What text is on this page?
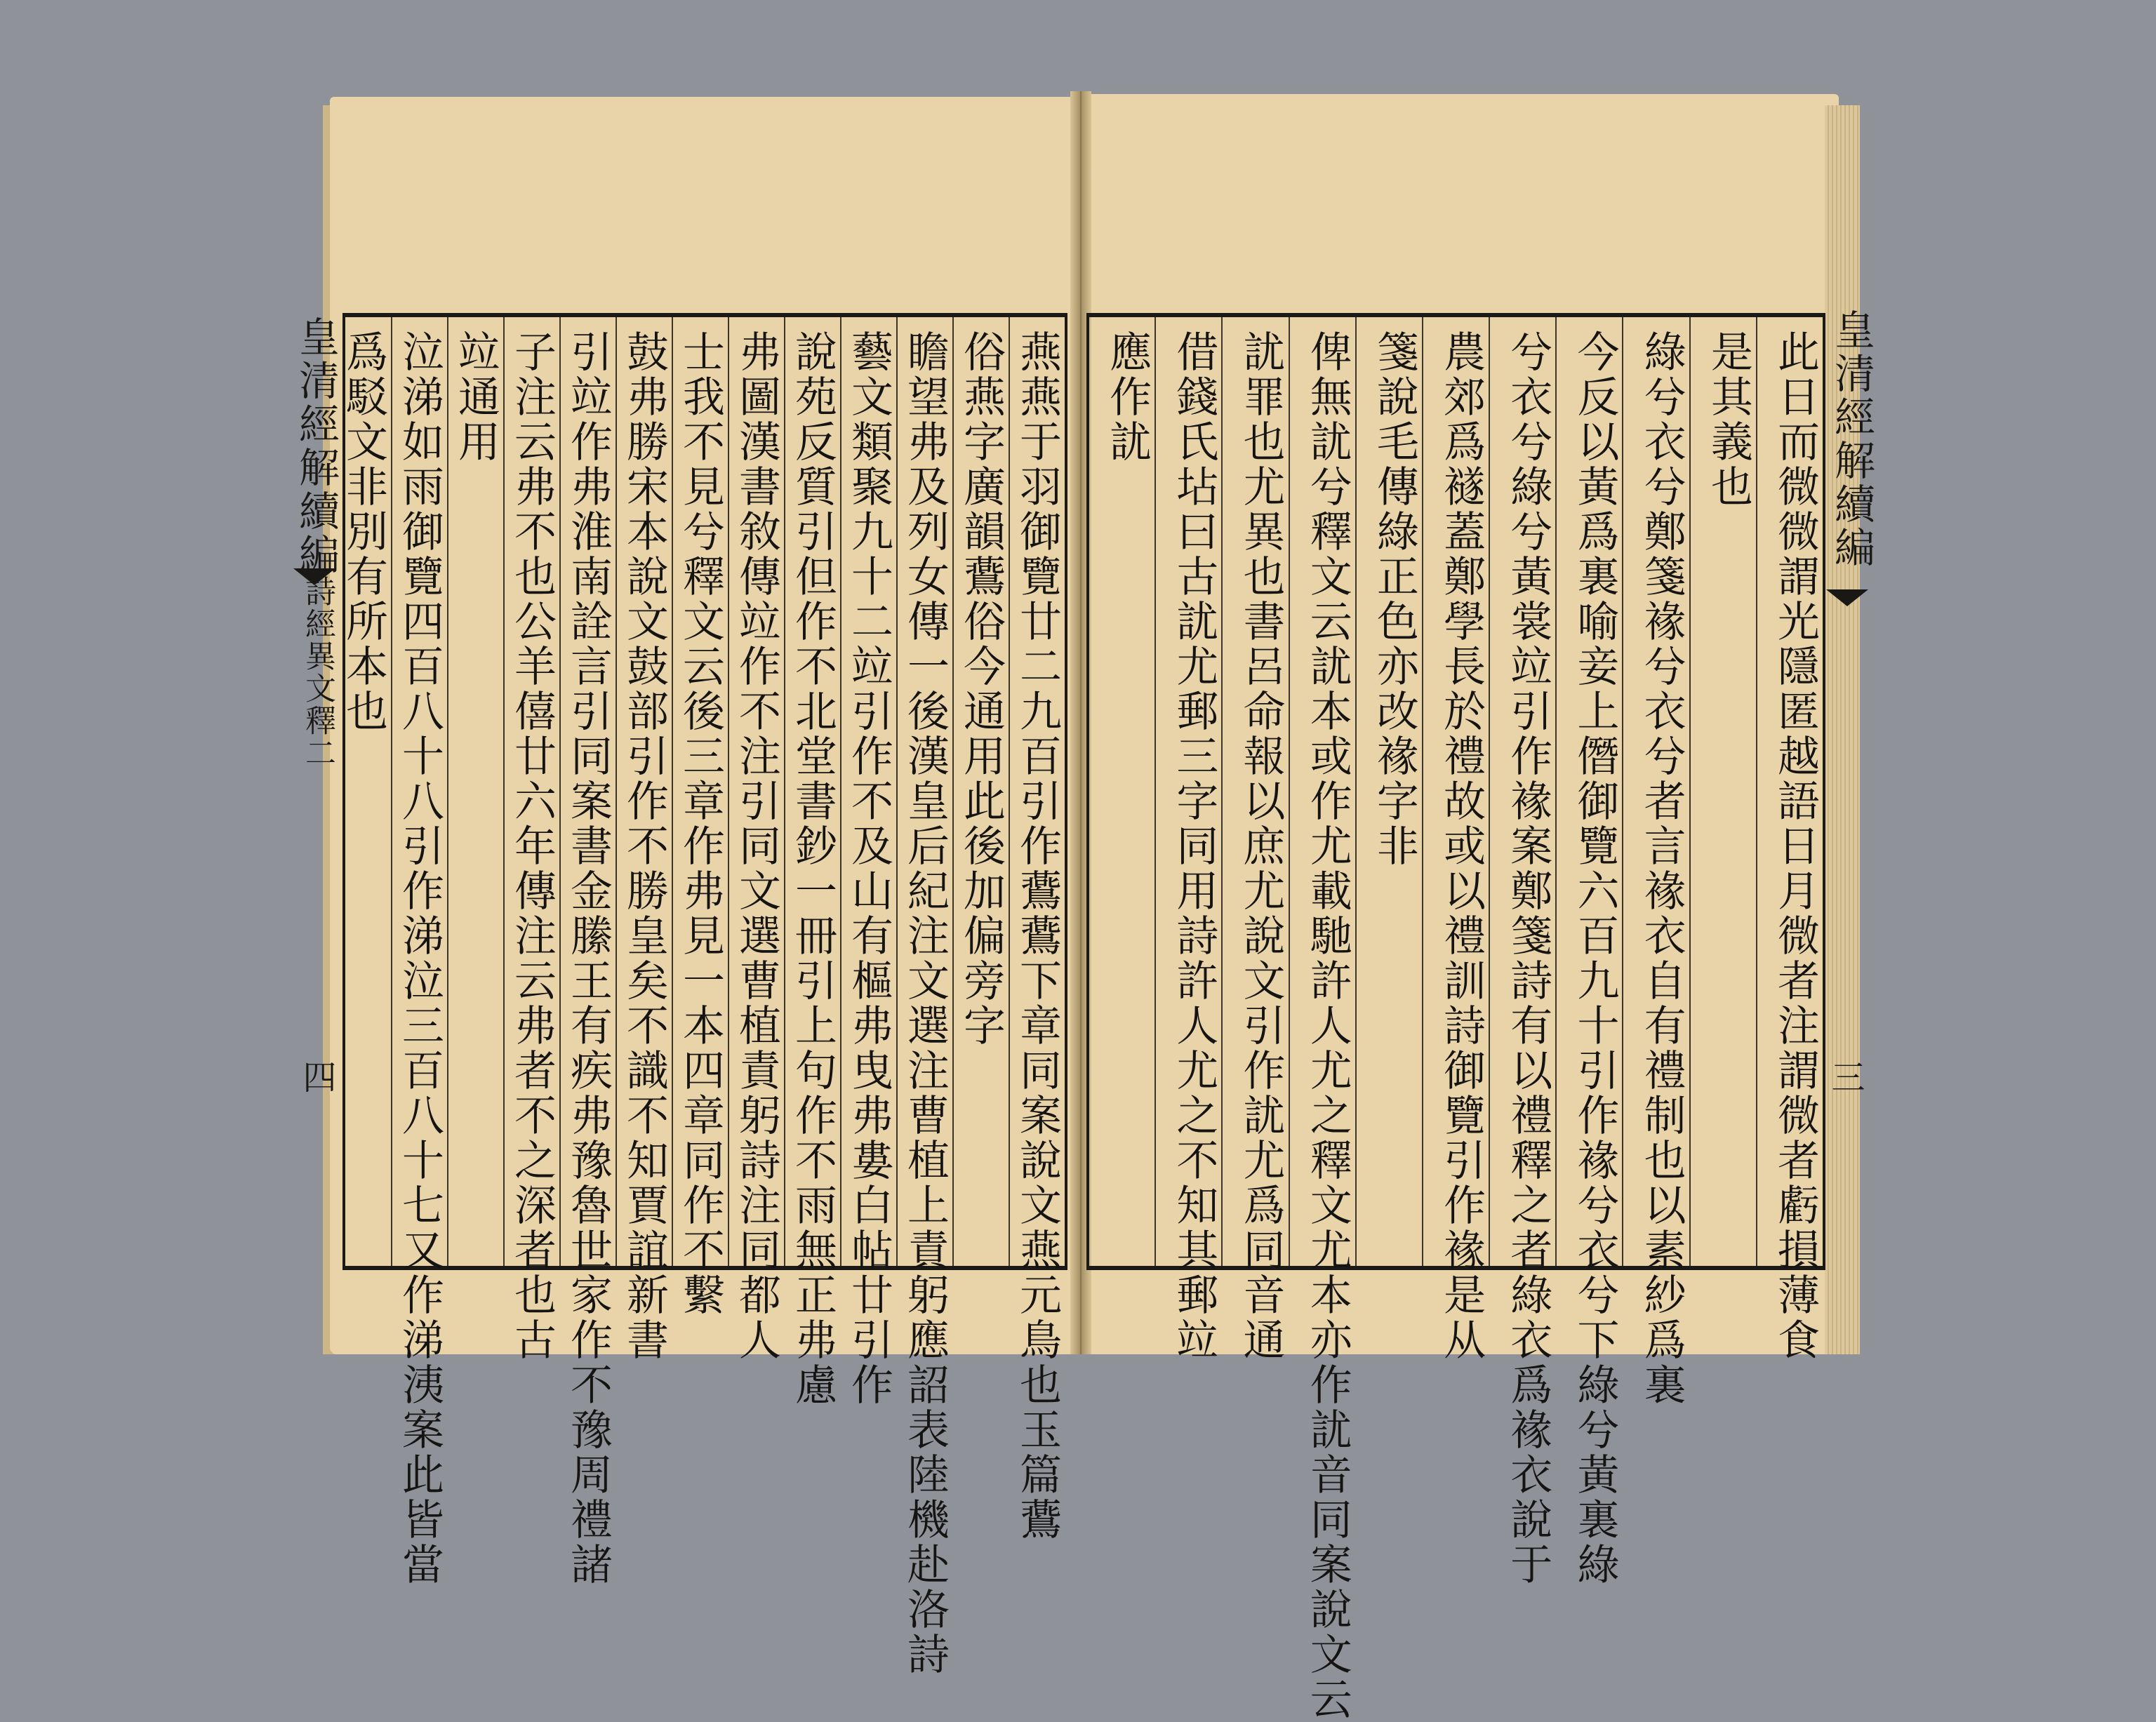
皇清經解續編
詩經異文釋二
四	燕燕于羽御覽廿二九百引作鷰鷰下章同案說文燕元鳥也玉篇鷰
俗燕字廣韻鷰俗今通用此後加偏旁字
瞻望弗及列女傳一後漢皇后紀注文選注曹植上責躬應詔表陸機赴洛詩
藝文類聚九十二竝引作不及山有樞弗曳弗婁白帖廿引作
說苑反質引但作不北堂書鈔一冊引上句作不雨無正弗慮
弗圖漢書敘傳竝作不注引同文選曹植責躬詩注同都人
士我不見兮釋文云後三章作弗見一本四章同作不繫
鼓弗勝宋本說文鼓部引作不勝皇矣不識不知賈誼新書
引竝作弗淮南詮言引同案書金縢王有疾弗豫魯世家作不豫周禮諸
子注云弗不也公羊僖廿六年傳注云弗者不之深者也古
竝通用
泣涕如雨御覽四百八十八引作涕泣三百八十七又作涕洟案此皆當
爲駁文非別有所本也	此日而微微謂光隱匿越語日月微者注謂微者虧損薄食
是其義也
綠兮衣兮鄭箋褖兮衣兮者言褖衣自有禮制也以素紗爲裏
今反以黃爲裏喻妾上僭御覽六百九十引作褖兮衣兮下綠兮黃裏綠
兮衣兮綠兮黃裳竝引作褖案鄭箋詩有以禮釋之者綠衣爲褖衣說于
農郊爲襚蓋鄭學長於禮故或以禮訓詩御覽引作褖是从
箋說毛傳綠正色亦改褖字非
俾無訧兮釋文云訧本或作尤載馳許人尤之釋文尤本亦作訧音同案說文云
訧罪也尤異也書呂命報以庶尤說文引作訧尤爲同音通
借錢氏坫曰古訧尤郵三字同用詩許人尤之不知其郵竝
應作訧	皇清經解續編
三
